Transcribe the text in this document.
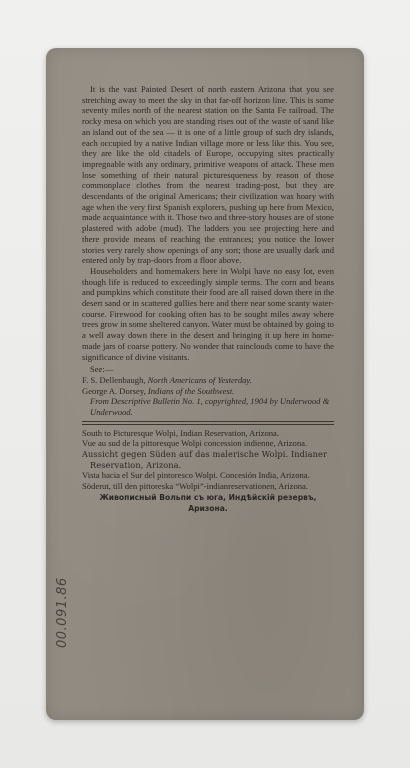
00.091.86

It is the vast Painted Desert of north eastern Arizona that you see stretching away to meet the sky in that far-off horizon line. This is some seventy miles north of the nearest station on the Santa Fe railroad. The rocky mesa on which you are standing rises out of the waste of sand like an island out of the sea — it is one of a little group of such dry islands, each occupied by a native Indian village more or less like this. You see, they are like the old citadels of Europe, occupying sites practically impregnable with any ordinary, primitive weapons of attack. These men lose something of their natural picturesqueness by reason of those commonplace clothes from the nearest trading-post, but they are descendants of the original Americans; their civilization was hoary with age when the very first Spanish explorers, pushing up here from Mexico, made acquaintance with it. Those two and three-story houses are of stone plastered with adobe (mud). The ladders you see projecting here and there provide means of reaching the entrances; you notice the lower stories very rarely show openings of any sort; those are usually dark and entered only by trap-doors from a floor above.

Householders and homemakers here in Wolpi have no easy lot, even though life is reduced to exceedingly simple terms. The corn and beans and pumpkins which constitute their food are all raised down there in the desert sand or in scattered gullies here and there near some scanty water-course. Firewood for cooking often has to be sought miles away where trees grow in some sheltered canyon. Water must be obtained by going to a well away down there in the desert and bringing it up here in home-made jars of coarse pottery. No wonder that rainclouds come to have the significance of divine visitants.

See:—

F. S. Dellenbaugh, North Americans of Yesterday.

George A. Dorsey, Indians of the Southwest.

From Descriptive Bulletin No. 1, copyrighted, 1904 by Underwood & Underwood.

South to Picturesque Wolpi, Indian Reservation, Arizona.

Vue au sud de la pittoresque Wolpi concession indienne, Arizona.

Aussicht gegen Süden auf das malerische Wolpi. Indianer Reservation, Arizona.

Vista hacia el Sur del pintoresco Wolpi. Concesión India, Arizona.

Söderut, till den pittoreska “Wolpi”-indianreservationen, Arizona.

Живописный Вольпи съ юга, Индѣйскій резервъ, Аризона.
